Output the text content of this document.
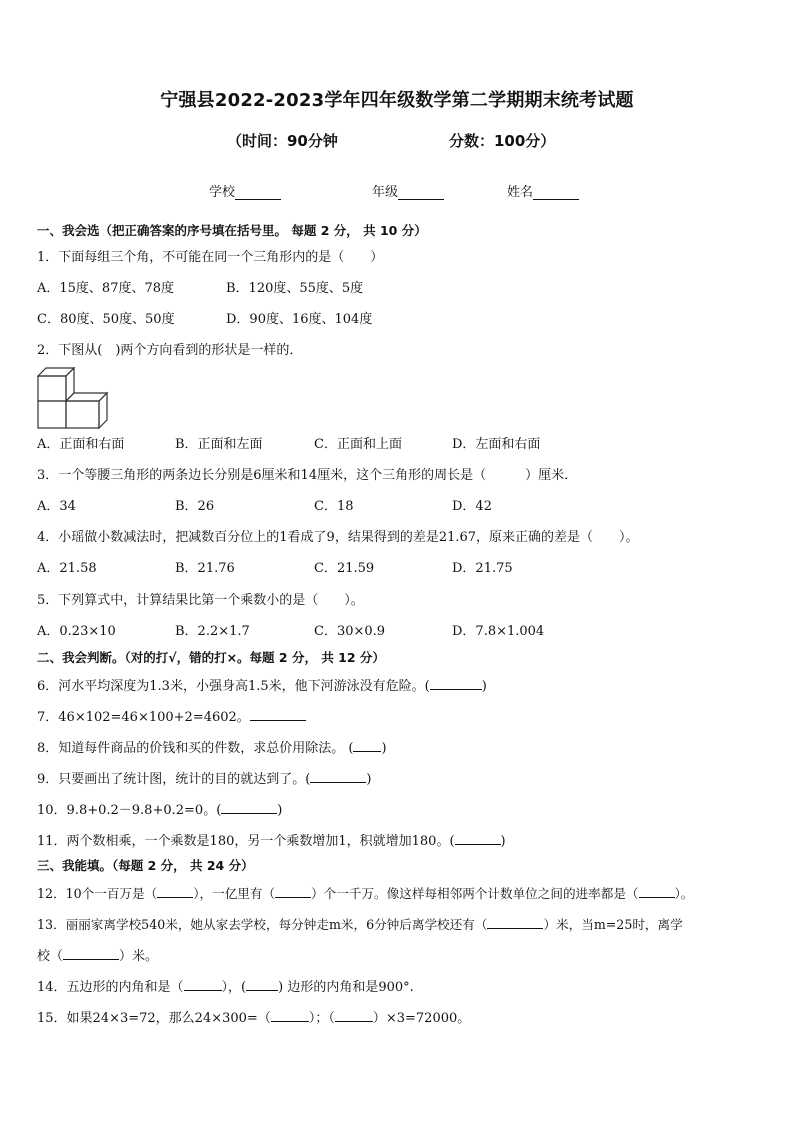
宁强县2022-2023学年四年级数学第二学期期末统考试题
（时间：90分钟	分数：100分）
学校	年级	姓名
一、我会选（把正确答案的序号填在括号里。 每题 2 分， 共 10 分）
1．下面每组三个角，不可能在同一个三角形内的是（　　）
A．15度、87度、78度	B．120度、55度、5度
C．80度、50度、50度	D．90度、16度、104度
2．下图从(　)两个方向看到的形状是一样的．
A．正面和右面	B．正面和左面	C．正面和上面	D．左面和右面
3．一个等腰三角形的两条边长分别是6厘米和14厘米，这个三角形的周长是（　　　）厘米．
A．34	B．26	C．18	D．42
4．小瑶做小数减法时，把减数百分位上的1看成了9，结果得到的差是21.67，原来正确的差是（　　）。
A．21.58	B．21.76	C．21.59	D．21.75
5．下列算式中，计算结果比第一个乘数小的是（　　）。
A．0.23×10	B．2.2×1.7	C．30×0.9	D．7.8×1.004
二、我会判断。（对的打√，错的打×。每题 2 分， 共 12 分）
6．河水平均深度为1.3米，小强身高1.5米，他下河游泳没有危险。(	)
7．46×102=46×100+2=4602。
8．知道每件商品的价钱和买的件数，求总价用除法。 ( )
9．只要画出了统计图，统计的目的就达到了。(	)
10．9.8+0.2－9.8+0.2=0。(	)
11．两个数相乘，一个乘数是180，另一个乘数增加1，积就增加180。(	)
三、我能填。（每题 2 分， 共 24 分）
12．10个一百万是（	），一亿里有（	）个一千万。像这样每相邻两个计数单位之间的进率都是（	）。
13．丽丽家离学校540米，她从家去学校，每分钟走m米，6分钟后离学校还有（	）米，当m=25时，离学
校（	）米。
14．五边形的内角和是（	），( ) 边形的内角和是900°.
15．如果24×3=72，那么24×300=（	）；（	）×3=72000。
